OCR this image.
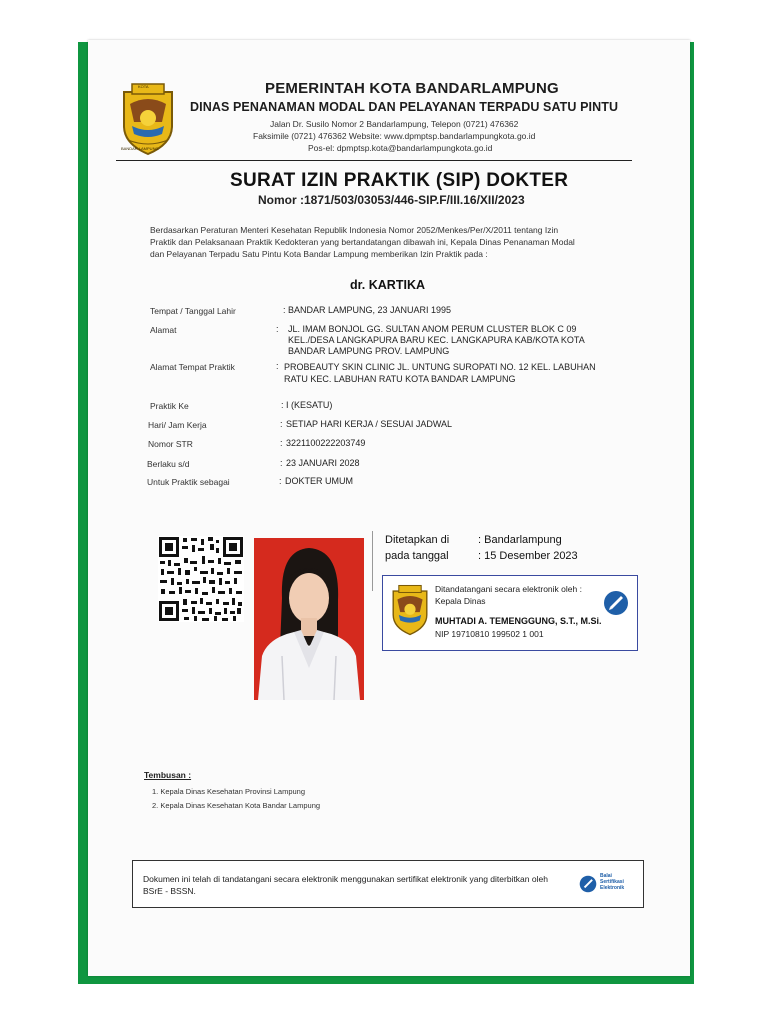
KOTA
BANDAR LAMPUNG
PEMERINTAH KOTA BANDARLAMPUNG
DINAS PENANAMAN MODAL DAN PELAYANAN TERPADU SATU PINTU
Jalan Dr. Susilo Nomor 2 Bandarlampung, Telepon (0721) 476362
Faksimile (0721) 476362 Website: www.dpmptsp.bandarlampungkota.go.id
Pos-el: dpmptsp.kota@bandarlampungkota.go.id
SURAT IZIN PRAKTIK (SIP) DOKTER
Nomor :1871/503/03053/446-SIP.F/III.16/XII/2023
Berdasarkan Peraturan Menteri Kesehatan Republik Indonesia Nomor 2052/Menkes/Per/X/2011 tentang Izin
Praktik dan Pelaksanaan Praktik Kedokteran yang bertandatangan dibawah ini, Kepala Dinas Penanaman Modal
dan Pelayanan Terpadu Satu Pintu Kota Bandar Lampung memberikan Izin Praktik pada :
dr. KARTIKA
Tempat / Tanggal Lahir	: BANDAR LAMPUNG, 23 JANUARI 1995
Alamat	: JL. IMAM BONJOL GG. SULTAN ANOM PERUM CLUSTER BLOK C 09
KEL./DESA LANGKAPURA BARU KEC. LANGKAPURA KAB/KOTA KOTA
BANDAR LAMPUNG PROV. LAMPUNG
Alamat Tempat Praktik	: PROBEAUTY SKIN CLINIC JL. UNTUNG SUROPATI NO. 12 KEL. LABUHAN
RATU KEC. LABUHAN RATU KOTA BANDAR LAMPUNG
Praktik Ke	: I (KESATU)
Hari/ Jam Kerja	: SETIAP HARI KERJA / SESUAI JADWAL
Nomor STR	: 3221100222203749
Berlaku s/d	: 23 JANUARI 2028
Untuk Praktik sebagai	: DOKTER UMUM
Ditetapkan di	: Bandarlampung
pada tanggal	: 15 Desember 2023
Ditandatangani secara elektronik oleh :
Kepala Dinas
MUHTADI A. TEMENGGUNG, S.T., M.Si.
NIP 19710810 199502 1 001
Tembusan :
1. Kepala Dinas Kesehatan Provinsi Lampung
2. Kepala Dinas Kesehatan Kota Bandar Lampung
Dokumen ini telah di tandatangani secara elektronik menggunakan sertifikat elektronik yang diterbitkan oleh
BSrE - BSSN.
Balai
Sertifikasi
Elektronik
